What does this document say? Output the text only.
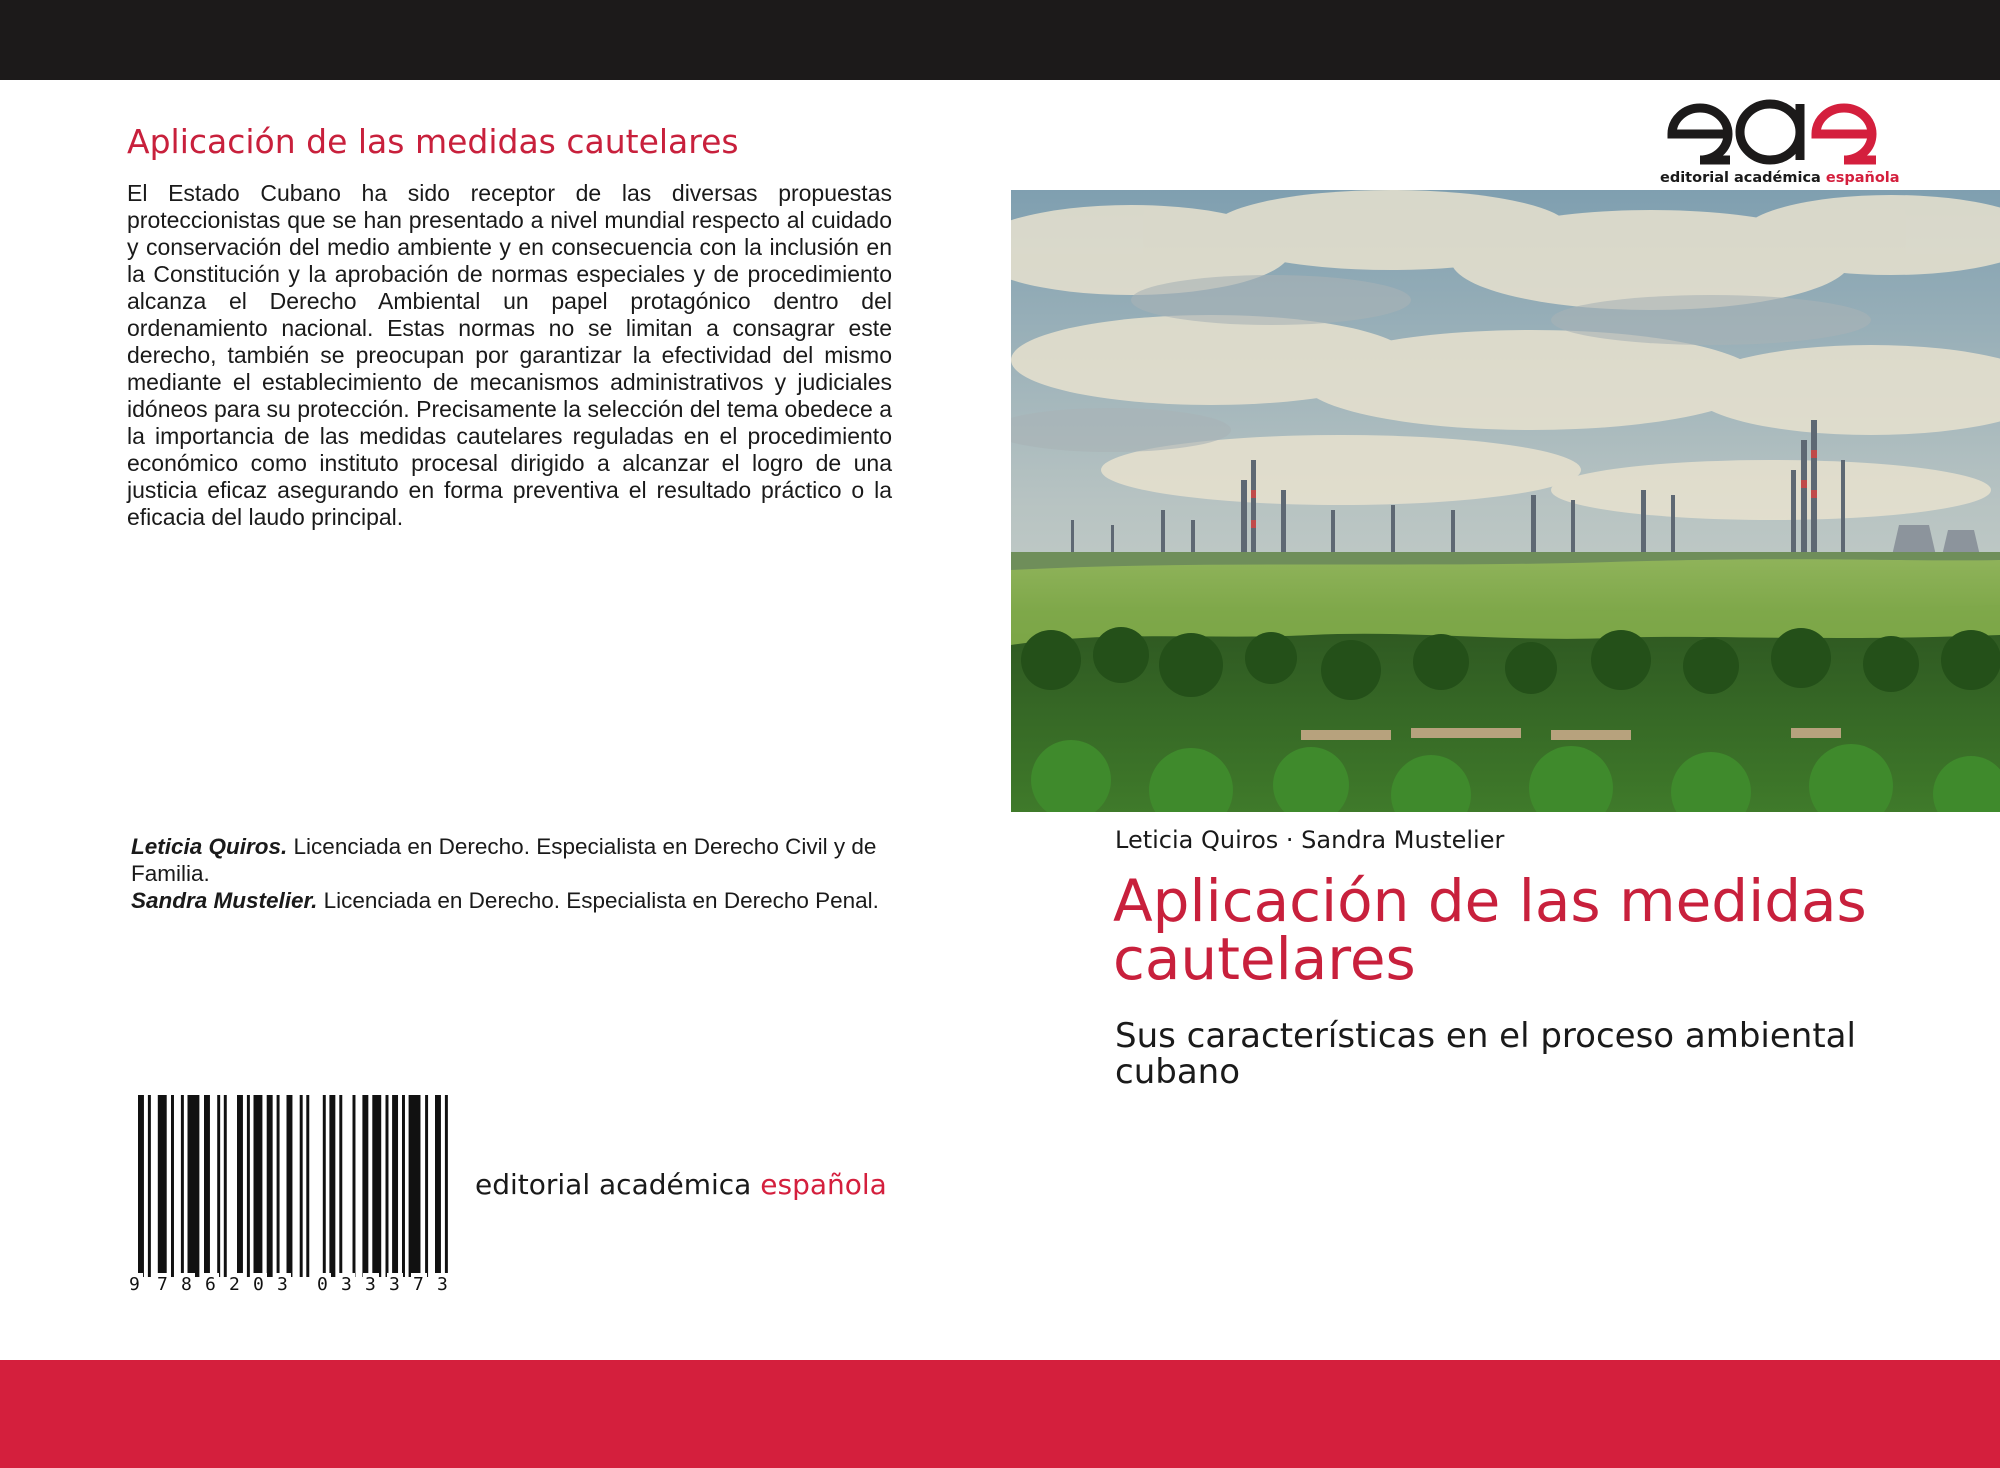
Aplicación de las medidas cautelares
El Estado Cubano ha sido receptor de las diversas propuestas proteccionistas que se han presentado a nivel mundial respecto al cuidado y conservación del medio ambiente y en consecuencia con la inclusión en la Constitución y la aprobación de normas especiales y de procedimiento alcanza el Derecho Ambiental un papel protagónico dentro del ordenamiento nacional. Estas normas no se limitan a consagrar este derecho, también se preocupan por garantizar la efectividad del mismo mediante el establecimiento de mecanismos administrativos y judiciales idóneos para su protección. Precisamente la selección del tema obedece a la importancia de las medidas cautelares reguladas en el procedimiento económico como instituto procesal dirigido a alcanzar el logro de una justicia eficaz asegurando en forma preventiva el resultado práctico o la eficacia del laudo principal.

Leticia Quiros. Licenciada en Derecho. Especialista en Derecho Civil y de Familia.

Sandra Mustelier. Licenciada en Derecho. Especialista en Derecho Penal.

9 7 8 6 2 0 3 0 3 3 3 7 3
editorial académica española
editorial académica española
Leticia Quiros · Sandra Mustelier
Aplicación de las medidas cautelares
Sus características en el proceso ambiental cubano
